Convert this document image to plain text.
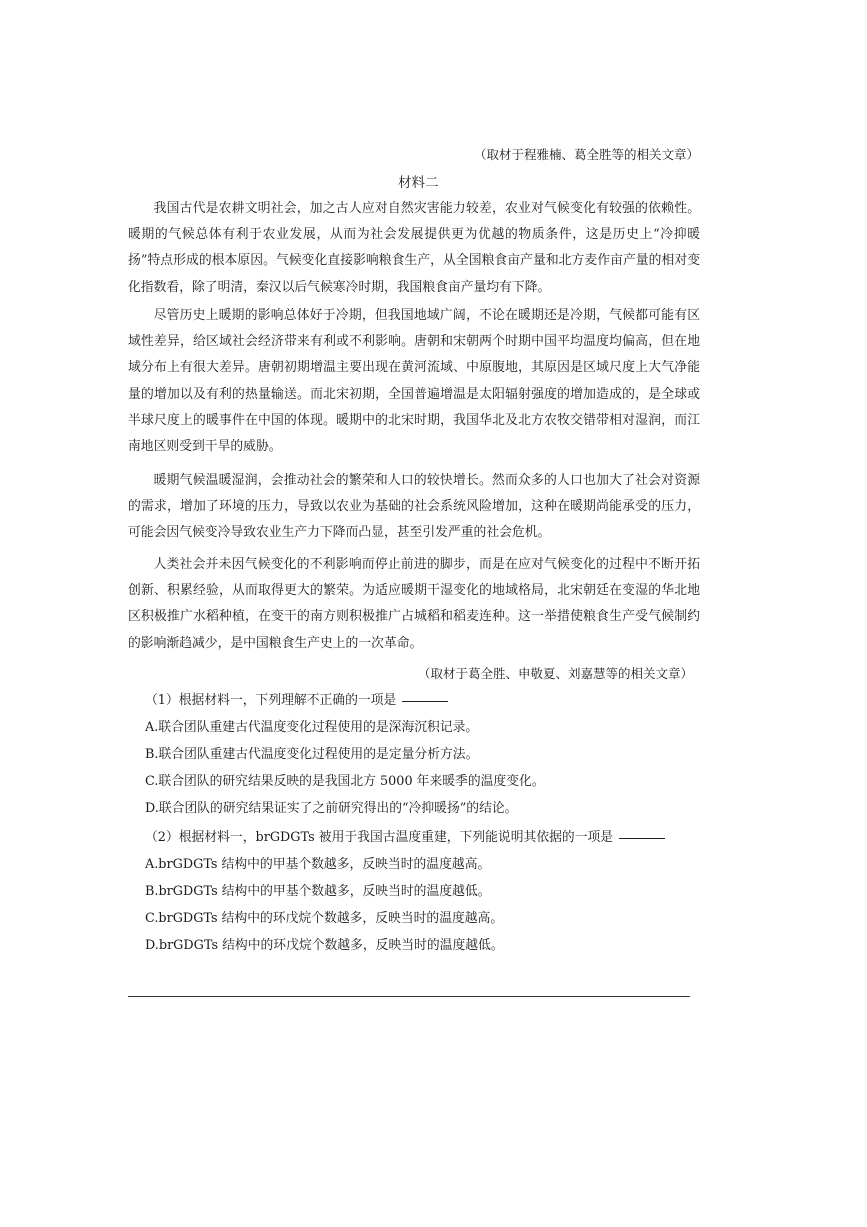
（取材于程雅楠、葛全胜等的相关文章）
材料二

我国古代是农耕文明社会，加之古人应对自然灾害能力较差，农业对气候变化有较强的依赖性。暖期的气候总体有利于农业发展，从而为社会发展提供更为优越的物质条件，这是历史上“冷抑暖扬”特点形成的根本原因。气候变化直接影响粮食生产，从全国粮食亩产量和北方麦作亩产量的相对变化指数看，除了明清，秦汉以后气候寒冷时期，我国粮食亩产量均有下降。

尽管历史上暖期的影响总体好于冷期，但我国地域广阔，不论在暖期还是冷期，气候都可能有区域性差异，给区域社会经济带来有利或不利影响。唐朝和宋朝两个时期中国平均温度均偏高，但在地域分布上有很大差异。唐朝初期增温主要出现在黄河流域、中原腹地，其原因是区域尺度上大气净能量的增加以及有利的热量输送。而北宋初期，全国普遍增温是太阳辐射强度的增加造成的，是全球或半球尺度上的暖事件在中国的体现。暖期中的北宋时期，我国华北及北方农牧交错带相对湿润，而江南地区则受到干旱的威胁。

暖期气候温暖湿润，会推动社会的繁荣和人口的较快增长。然而众多的人口也加大了社会对资源的需求，增加了环境的压力，导致以农业为基础的社会系统风险增加，这种在暖期尚能承受的压力，可能会因气候变冷导致农业生产力下降而凸显，甚至引发严重的社会危机。

人类社会并未因气候变化的不利影响而停止前进的脚步，而是在应对气候变化的过程中不断开拓创新、积累经验，从而取得更大的繁荣。为适应暖期干湿变化的地域格局，北宋朝廷在变湿的华北地区积极推广水稻种植，在变干的南方则积极推广占城稻和稻麦连种。这一举措使粮食生产受气候制约的影响渐趋减少，是中国粮食生产史上的一次革命。

（取材于葛全胜、申敬夏、刘嘉慧等的相关文章）
（1）根据材料一，下列理解不正确的一项是
A.联合团队重建古代温度变化过程使用的是深海沉积记录。
B.联合团队重建古代温度变化过程使用的是定量分析方法。
C.联合团队的研究结果反映的是我国北方 5000 年来暖季的温度变化。
D.联合团队的研究结果证实了之前研究得出的“冷抑暖扬”的结论。
（2）根据材料一，brGDGTs 被用于我国古温度重建，下列能说明其依据的一项是
A.brGDGTs 结构中的甲基个数越多，反映当时的温度越高。
B.brGDGTs 结构中的甲基个数越多，反映当时的温度越低。
C.brGDGTs 结构中的环戊烷个数越多，反映当时的温度越高。
D.brGDGTs 结构中的环戊烷个数越多，反映当时的温度越低。
